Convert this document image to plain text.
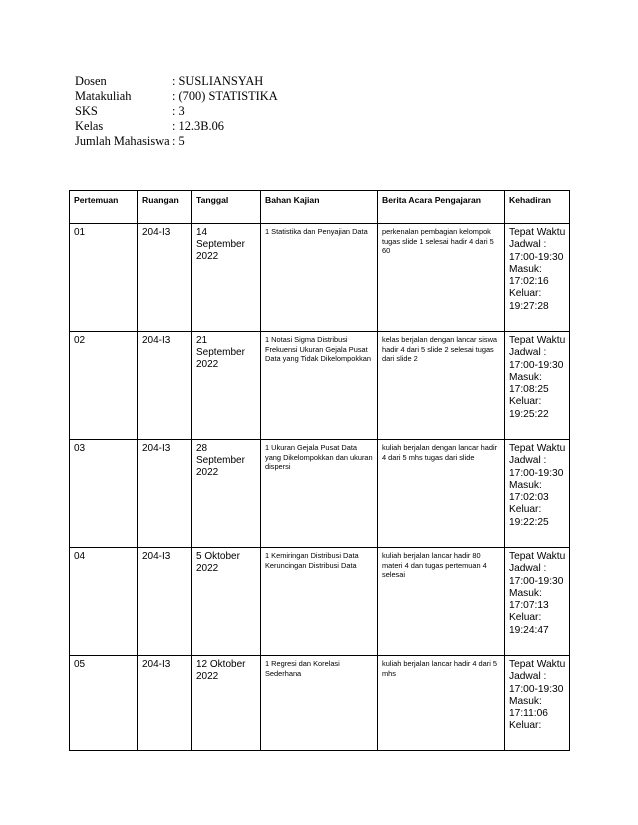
Dosen	: SUSLIANSYAH
Matakuliah	: (700) STATISTIKA
SKS	: 3
Kelas	: 12.3B.06
Jumlah Mahasiswa : 5
Pertemuan	Ruangan	Tanggal	Bahan Kajian	Berita Acara Pengajaran	Kehadiran
01	204-I3	14 September 2022	1 Statistika dan Penyajian Data	perkenalan pembagian kelompok tugas slide 1 selesai hadir 4 dari 5 60	Tepat Waktu Jadwal : 17:00-19:30 Masuk: 17:02:16 Keluar: 19:27:28
02	204-I3	21 September 2022	1 Notasi Sigma Distribusi Frekuensi Ukuran Gejala Pusat Data yang Tidak Dikelompokkan	kelas berjalan dengan lancar siswa hadir 4 dari 5 slide 2 selesai tugas dari slide 2	Tepat Waktu Jadwal : 17:00-19:30 Masuk: 17:08:25 Keluar: 19:25:22
03	204-I3	28 September 2022	1 Ukuran Gejala Pusat Data yang Dikelompokkan dan ukuran dispersi	kuliah berjalan dengan lancar hadir 4 dari 5 mhs tugas dari slide	Tepat Waktu Jadwal : 17:00-19:30 Masuk: 17:02:03 Keluar: 19:22:25
04	204-I3	5 Oktober 2022	1 Kemiringan Distribusi Data Keruncingan Distribusi Data	kuliah berjalan lancar hadir 80 materi 4 dan tugas pertemuan 4 selesai	Tepat Waktu Jadwal : 17:00-19:30 Masuk: 17:07:13 Keluar: 19:24:47
05	204-I3	12 Oktober 2022	1 Regresi dan Korelasi Sederhana	kuliah berjalan lancar hadir 4 dari 5 mhs	Tepat Waktu Jadwal : 17:00-19:30 Masuk: 17:11:06 Keluar:
